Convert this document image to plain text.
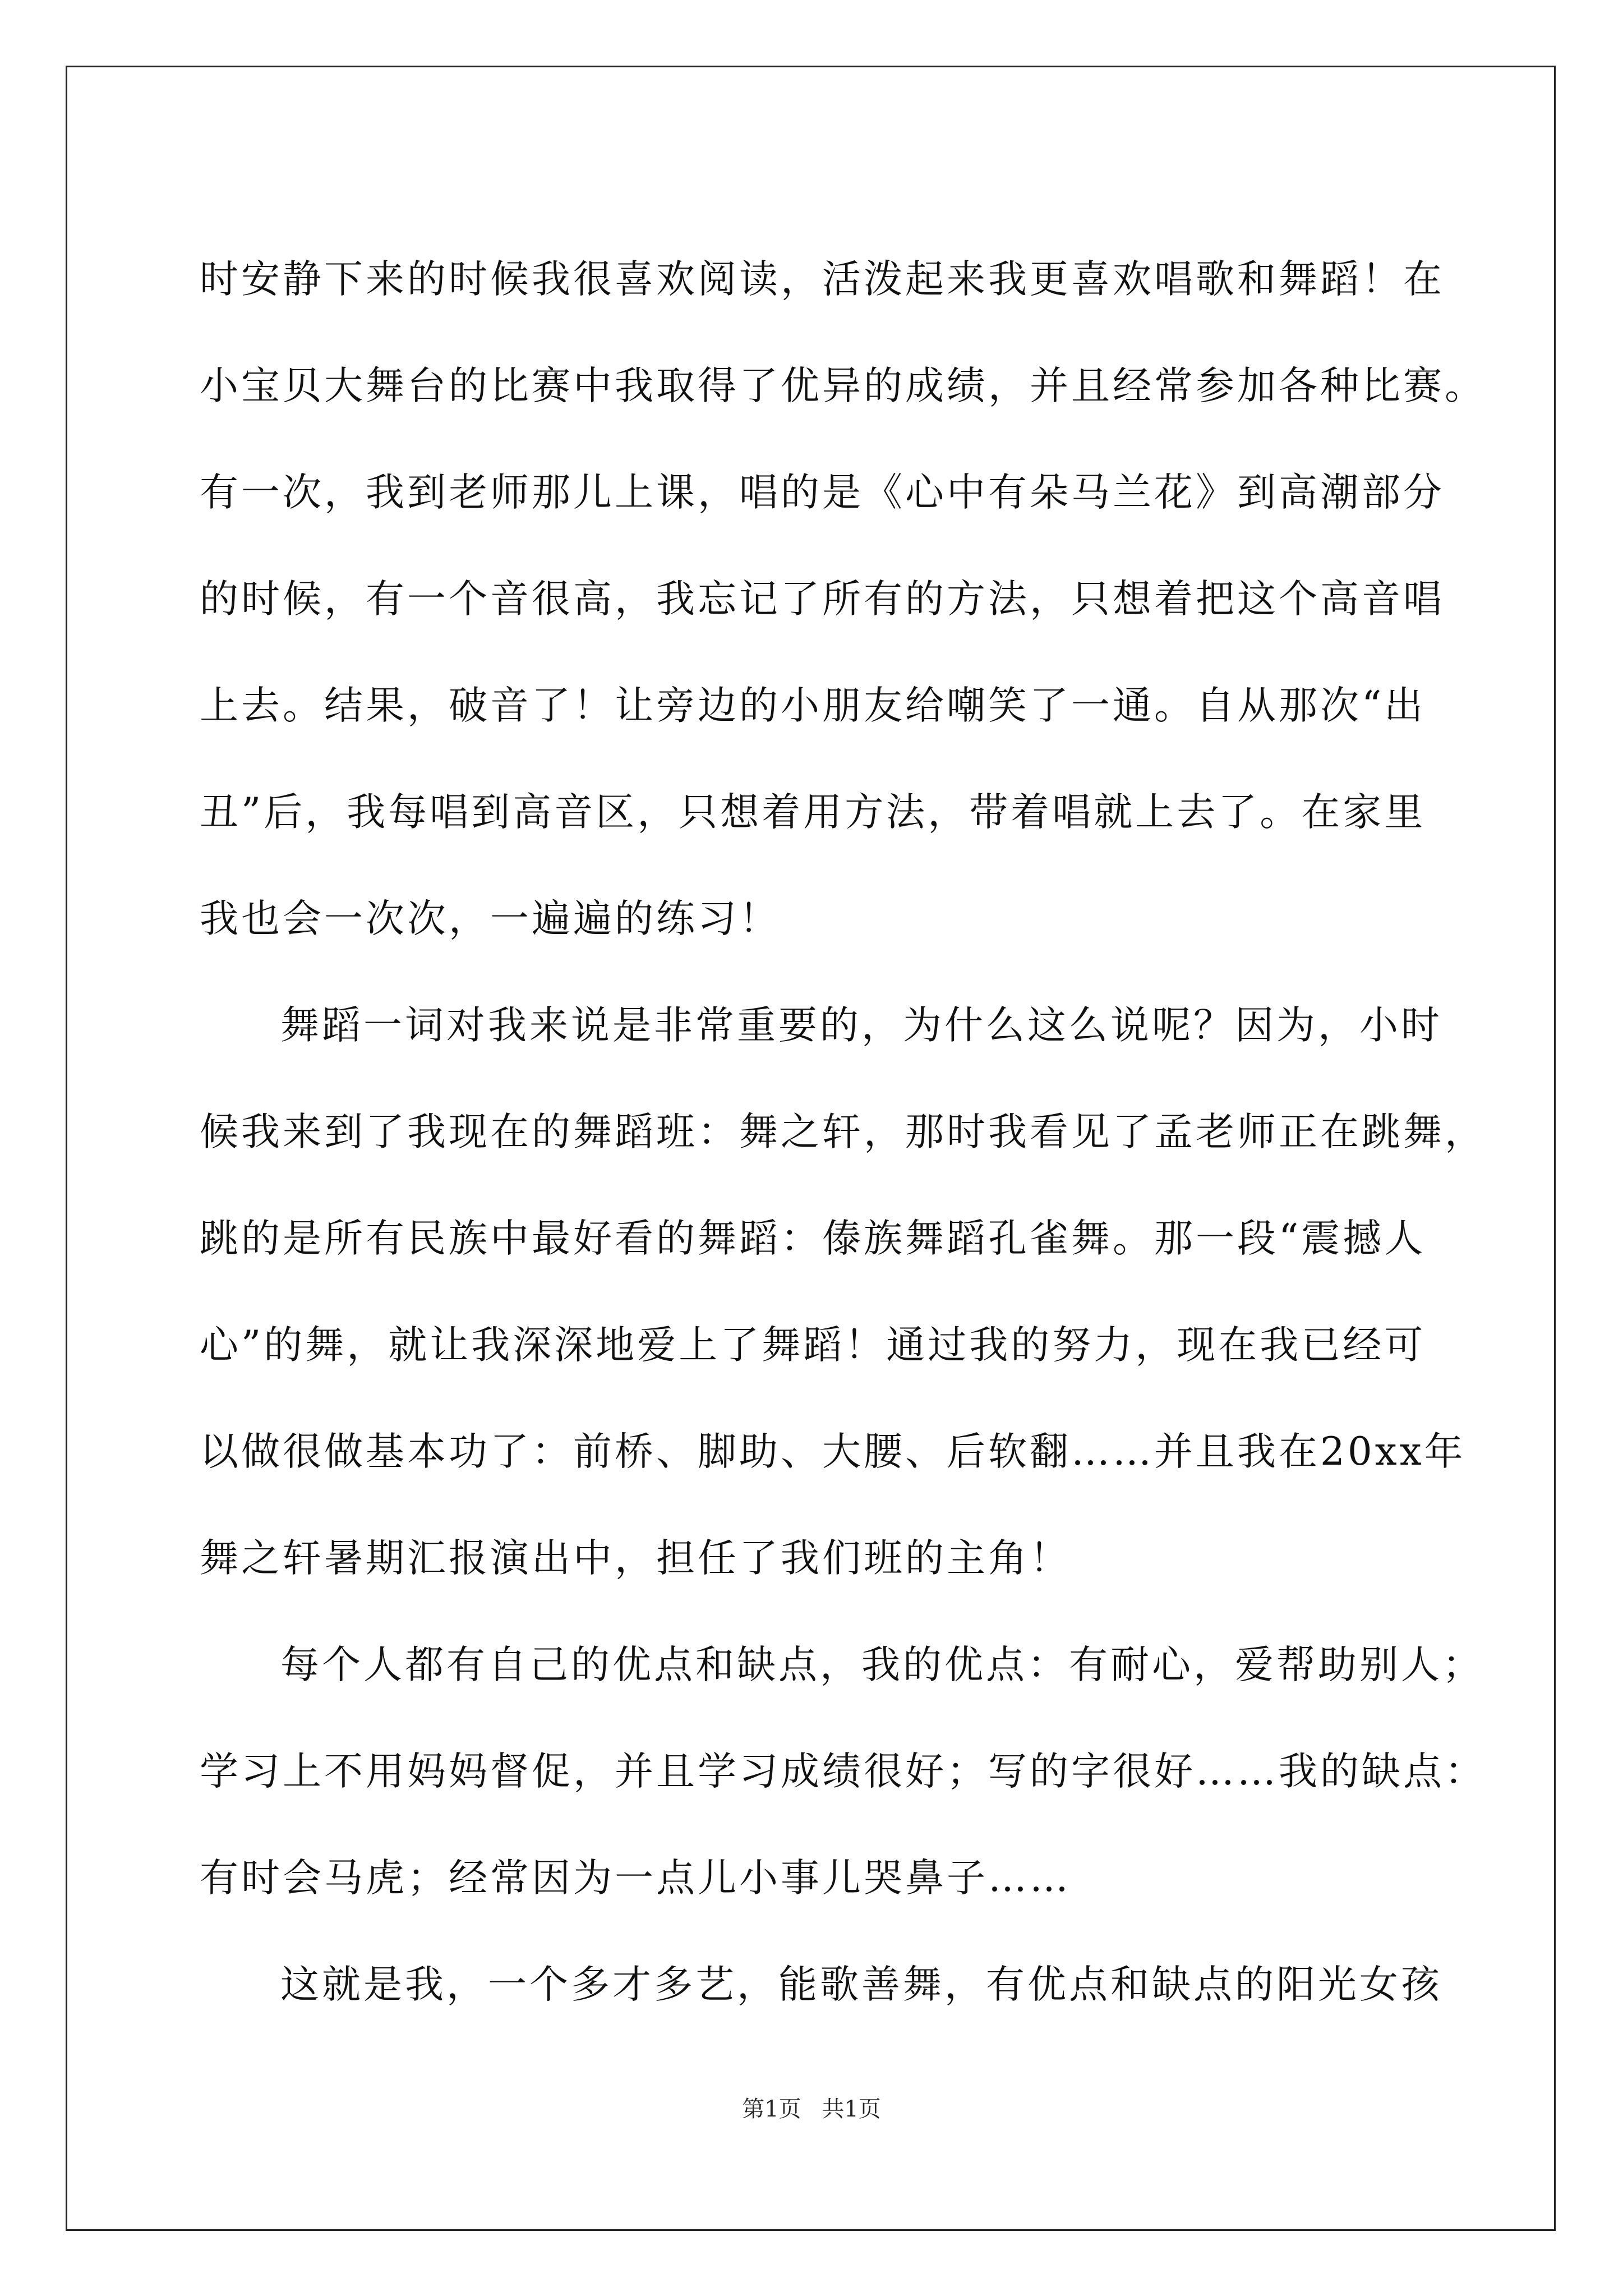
时安静下来的时候我很喜欢阅读，活泼起来我更喜欢唱歌和舞蹈！在
小宝贝大舞台的比赛中我取得了优异的成绩，并且经常参加各种比赛。
有一次，我到老师那儿上课，唱的是《心中有朵马兰花》到高潮部分
的时候，有一个音很高，我忘记了所有的方法，只想着把这个高音唱
上去。结果，破音了！让旁边的小朋友给嘲笑了一通。自从那次“出
丑”后，我每唱到高音区，只想着用方法，带着唱就上去了。在家里
我也会一次次，一遍遍的练习！
舞蹈一词对我来说是非常重要的，为什么这么说呢？因为，小时
候我来到了我现在的舞蹈班：舞之轩，那时我看见了孟老师正在跳舞，
跳的是所有民族中最好看的舞蹈：傣族舞蹈孔雀舞。那一段“震撼人
心”的舞，就让我深深地爱上了舞蹈！通过我的努力，现在我已经可
以做很做基本功了：前桥、脚助、大腰、后软翻……并且我在20xx年
舞之轩暑期汇报演出中，担任了我们班的主角！
每个人都有自己的优点和缺点，我的优点：有耐心，爱帮助别人；
学习上不用妈妈督促，并且学习成绩很好；写的字很好……我的缺点：
有时会马虎；经常因为一点儿小事儿哭鼻子……
这就是我，一个多才多艺，能歌善舞，有优点和缺点的阳光女孩
第1页 共1页
